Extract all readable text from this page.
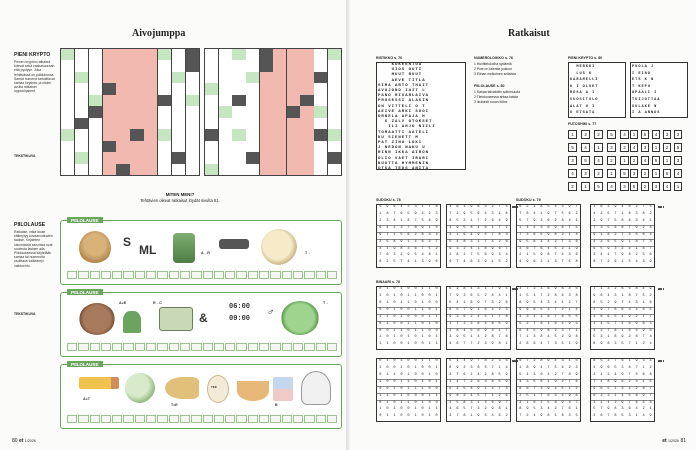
Aivojumppa
PIENI KRYPTO
Pienen krypton ratkaisut tulevat sekä vaakasuoraan että pystyyn. Joka tehtävässä on päälukunsa. Samat numerot tarkoittavat samaa kirjainta, ja niiden avulla ratkaiset loppukirjaimet.
TEKSTIKUVA
MITEN MENI?
Tehtävien oikeat ratkaisut löydät sivulta 81.
PIILOLAUSE
Ratkaise, mikä lause kätkeytyy kuvaarvoitusten taakse. Kirjainten lukumäärät sanoissa ovat nuolesta laskien alla. Piilolauseessa käytetään samaa tai numeroita osoittava vaikeampi vaihtoehto.
TEKSTIKUVA
PIILOLAUSE
S
ML	A→R	T→
PIILOLAUSE
A=E	R→C
&
06:00
09:00
♂
T→
PIILOLAUSE
A=T
T=E
TEE
B
80 et 1/2026
Ratkaisut
RISTIKKO s. 76
KOKEENTUA
UIOS OUTI
MUUT RUUT
AEVE TITLA
SIMA ARTO THAIT
AVOJONO IAIT L
PANO RISARLAIVA
PROSESSI ALASIN
ON VITTELI O T
AEIVE ARKI SUOI
ORNELA APAJA H
S ZALY OTOKSET
ILI AHJO NIILI
TOMAATTI AATELI
KU SIENETT M
PAT ZINO LOKI
J NEDON NAKU U
RINN IKKA AIRON
OLIO VAET IRARI
NUOTTA HYMMENIN
OTSA TEOS ANITA
NUMEROLOIKKO s. 76
1 Huvittelukoiha sydämiä
2 Pole on talentia jouluun
3 Elinan melkoinen sellaista
PIILOLAUSE s. 80
1 Sahaa taivatoitin sotkimuuda
2 Tietokoneessa ahtaa kaista
3 Ikuisesti ruoan kiitos
PIENI KRYPTO s. 80
MERKKI
LUS K
KARAMELLI
O I OLUET
ROSA A I
VUOSITULO
ALAT U I
U ETSATA
PUOLA J
I EINO
ETS K N
T KEPU
OPAALI I
TUIJOTTAA
SULAKE N
I A ANNOS
FUTOSHIKI s. 77
1	3	2	5	4
5	4	1	3	2
3	5	4	2	1
4	3	2	1	5
2	1	5	4	3
1	5	4	3	2
4	3	1	2	5
2	4	5	1	3
3	2	1	5	4
5	2	3	4	1
SUDOKU s. 78	SUDOKU s. 79
BINAARI s. 78
5	9	6	4	2	3	1	7	8
1	8	7	6	5	9	4	2	3
2	3	4	1	8	7	5	6	9
6	4	2	3	7	8	9	1	5
9	7	1	5	6	2	8	3	4
3	5	8	9	1	4	6	2	7
4	1	9	8	3	6	7	5	2
7	6	3	2	9	5	4	8	1
8	2	5	7	4	1	3	9	6
4	6	1	9	8	3	2	7	5
7	2	9	5	6	4	3	1	8
8	5	3	1	7	2	6	4	9
3	9	5	8	4	6	1	7	2
2	1	6	4	9	5	7	8	3
5	4	8	3	1	7	4	2	6
9	3	2	4	1	8	9	6	7
1	8	2	7	5	6	9	3	4
6	7	4	8	3	9	1	5	2
6	2	1	8	5	4	3	9	7
7	8	4	1	9	7	5	6	2
5	7	9	3	6	2	8	4	1
1	4	2	3	6	9	8	7	5
7	3	6	5	9	8	2	1	4
9	5	8	1	4	2	7	3	6
3	6	7	6	4	5	2	1	9
2	1	5	9	8	7	4	3	6
4	9	6	2	1	3	7	5	8
1	6	3	9	4	8	2	7	5
4	2	5	7	1	6	3	8	2
2	9	7	5	8	6	3	4	1
7	3	5	6	8	7	9	2	4
9	1	8	2	7	3	5	6	4
4	2	6	5	9	1	8	7	3
6	5	9	3	2	4	1	8	7
3	4	1	7	9	8	2	5	6
8	7	2	6	1	5	4	3	9
0	1	0	1	0	0	1	1	0
1	0	1	0	1	1	0	0	1
0	1	0	1	1	0	1	0	0
0	0	1	0	0	1	1	0	1
1	1	0	1	0	0	0	1	1
0	1	0	0	1	1	0	1	0
0	0	1	1	0	1	1	0	0
1	0	1	0	1	0	1	0	1
1	1	0	0	1	0	0	1	1
6	2	8	4	3	1	7	9	5
7	9	3	6	5	2	8	4	1
5	4	1	8	9	7	3	2	6
8	5	7	9	1	6	4	2	3
9	3	6	2	4	5	1	7	8
1	7	2	3	8	4	6	5	9
2	8	4	5	6	9	3	1	7
3	9	5	1	4	2	8	7	6
4	6	7	7	2	3	9	8	1
3	7	2	1	6	9	8	4	5
1	5	4	7	2	8	6	3	8
8	9	5	4	3	4	1	2	7
9	6	8	5	3	7	2	1	4
4	3	1	2	8	7	6	5	5
5	2	7	8	1	6	4	9	3
6	4	5	9	8	2	3	7	1
7	1	3	8	4	5	2	9	8
2	8	6	4	7	3	5	1	9
7	1	3	2	6	5	8	4	9
9	6	4	3	1	8	7	5	2
8	5	2	9	7	4	3	1	6
2	9	7	8	6	3	4	6	5
3	8	6	5	4	9	2	1	7
1	4	5	7	2	6	9	8	3
4	2	7	8	1	6	5	9	8
5	3	1	8	9	2	6	7	4
6	9	8	3	5	7	1	2	4
0	1	0	1	0	0	1	1	0
1	0	0	1	0	1	0	0	1
0	1	1	0	1	0	0	1	0
1	0	0	1	1	0	1	0	1
0	0	1	0	1	1	1	0	0
1	1	0	1	0	0	0	1	1
0	1	0	1	1	0	1	0	0
1	0	1	0	0	1	0	1	1
0	1	1	0	0	1	0	1	0
5	1	4	9	7	8	2	3	6
8	9	2	3	6	5	7	1	4
3	7	6	1	4	2	8	5	9
1	4	7	2	6	3	8	5	9
6	2	5	8	9	1	4	7	3
9	8	3	4	5	7	1	2	6
2	5	8	3	1	4	6	9	7
4	6	5	7	3	2	9	8	1
3	7	8	1	9	5	4	6	2
6	7	2	8	9	4	3	1	5
1	8	9	4	7	5	6	2	3
5	4	3	6	1	2	7	8	9
4	3	5	8	1	9	2	7	6
8	6	7	3	9	4	5	1	2
2	5	1	7	6	3	4	9	8
3	1	6	2	5	8	9	4	7
8	9	5	3	4	2	7	6	1
7	2	4	9	8	1	6	3	5
8	5	2	7	6	1	9	3	4
4	9	6	5	3	8	7	1	2
2	1	3	4	9	7	5	6	8
7	4	8	9	6	2	3	1	5
9	6	5	1	3	4	2	8	7
6	2	3	1	4	5	8	9	7
3	1	4	2	9	7	6	5	8
5	7	9	8	3	6	4	2	1
2	6	7	8	5	3	1	4	9
et 1/2026 81
